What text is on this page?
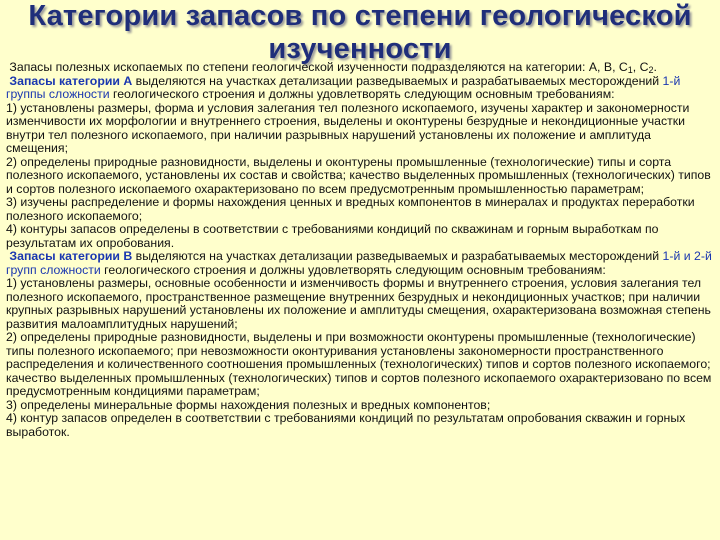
Категории запасов по степени геологической изученности

Запасы полезных ископаемых по степени геологической изученности подразделяются на категории: А, В, $С_1$, $С_2$.

Запасы категории А выделяются на участках детализации разведываемых и разрабатываемых месторождений 1-й группы сложности геологического строения и должны удовлетворять следующим основным требованиям:

1) установлены размеры, форма и условия залегания тел полезного ископаемого, изучены характер и закономерности изменчивости их морфологии и внутреннего строения, выделены и оконтурены безрудные и некондиционные участки внутри тел полезного ископаемого, при наличии разрывных нарушений установлены их положение и амплитуда смещения;

2) определены природные разновидности, выделены и оконтурены промышленные (технологические) типы и сорта полезного ископаемого, установлены их состав и свойства; качество выделенных промышленных (технологических) типов и сортов полезного ископаемого охарактеризовано по всем предусмотренным промышленностью параметрам;

3) изучены распределение и формы нахождения ценных и вредных компонентов в минералах и продуктах переработки полезного ископаемого;

4) контуры запасов определены в соответствии с требованиями кондиций по скважинам и горным выработкам по результатам их опробования.

Запасы категории В выделяются на участках детализации разведываемых и разрабатываемых месторождений 1-й и 2-й групп сложности геологического строения и должны удовлетворять следующим основным требованиям:

1) установлены размеры, основные особенности и изменчивость формы и внутреннего строения, условия залегания тел полезного ископаемого, пространственное размещение внутренних безрудных и некондиционных участков; при наличии крупных разрывных нарушений установлены их положение и амплитуды смещения, охарактеризована возможная степень развития малоамплитудных нарушений;

2) определены природные разновидности, выделены и при возможности оконтурены промышленные (технологические) типы полезного ископаемого; при невозможности оконтуривания установлены закономерности пространственного распределения и количественного соотношения промышленных (технологических) типов и сортов полезного ископаемого; качество выделенных промышленных (технологических) типов и сортов полезного ископаемого охарактеризовано по всем предусмотренным кондициями параметрам;

3) определены минеральные формы нахождения полезных и вредных компонентов;

4) контур запасов определен в соответствии с требованиями кондиций по результатам опробования скважин и горных выработок.
